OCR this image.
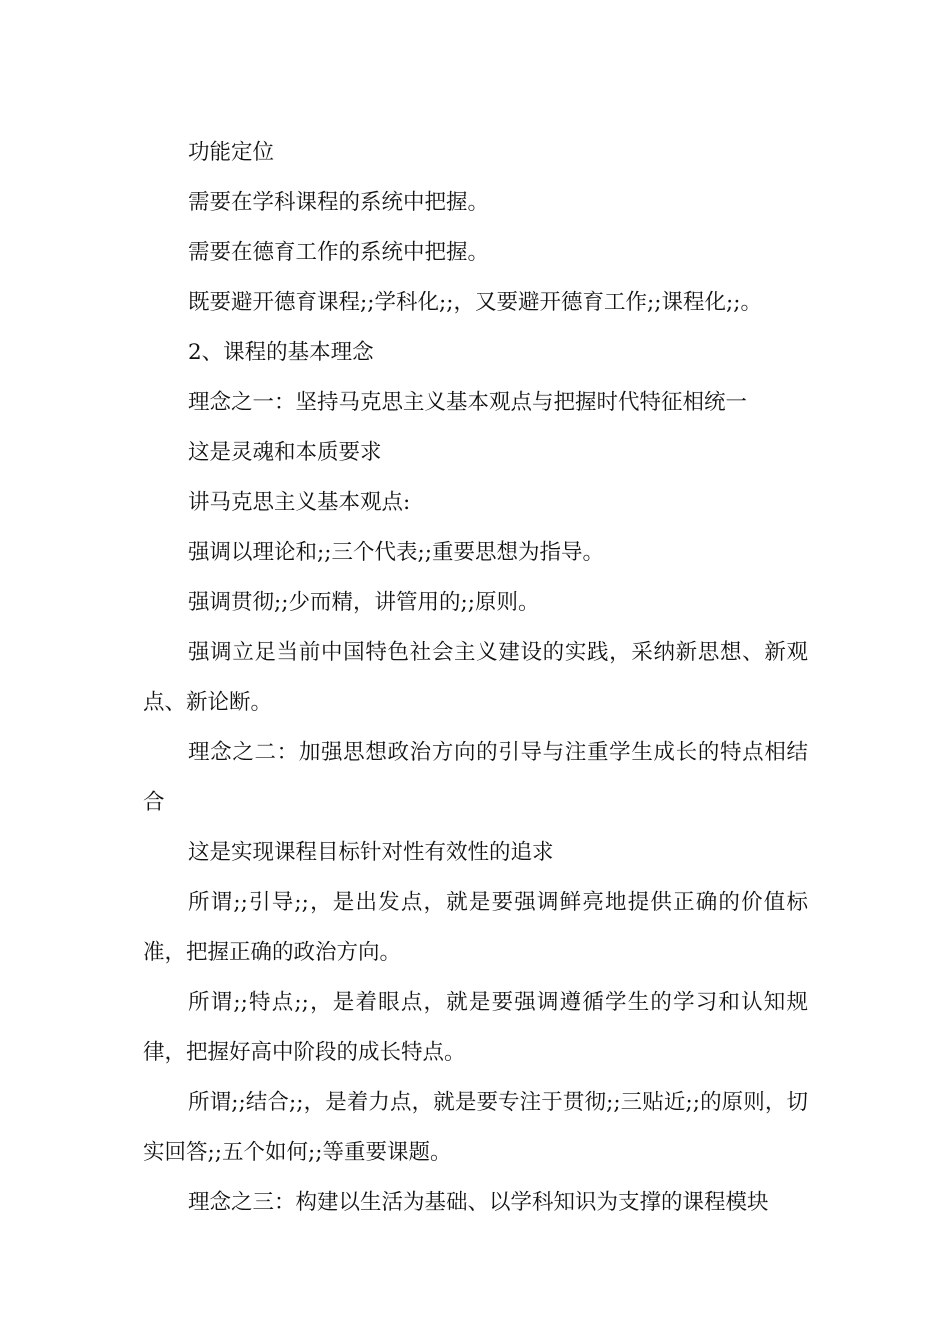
功能定位

需要在学科课程的系统中把握。

需要在德育工作的系统中把握。

既要避开德育课程;;学科化;;，又要避开德育工作;;课程化;;。

2、课程的基本理念

理念之一：坚持马克思主义基本观点与把握时代特征相统一

这是灵魂和本质要求

讲马克思主义基本观点:

强调以理论和;;三个代表;;重要思想为指导。

强调贯彻;;少而精，讲管用的;;原则。

强调立足当前中国特色社会主义建设的实践，采纳新思想、新观点、新论断。

理念之二：加强思想政治方向的引导与注重学生成长的特点相结合

这是实现课程目标针对性有效性的追求

所谓;;引导;;，是出发点，就是要强调鲜亮地提供正确的价值标准，把握正确的政治方向。

所谓;;特点;;，是着眼点，就是要强调遵循学生的学习和认知规律，把握好高中阶段的成长特点。

所谓;;结合;;，是着力点，就是要专注于贯彻;;三贴近;;的原则，切实回答;;五个如何;;等重要课题。

理念之三：构建以生活为基础、以学科知识为支撑的课程模块
